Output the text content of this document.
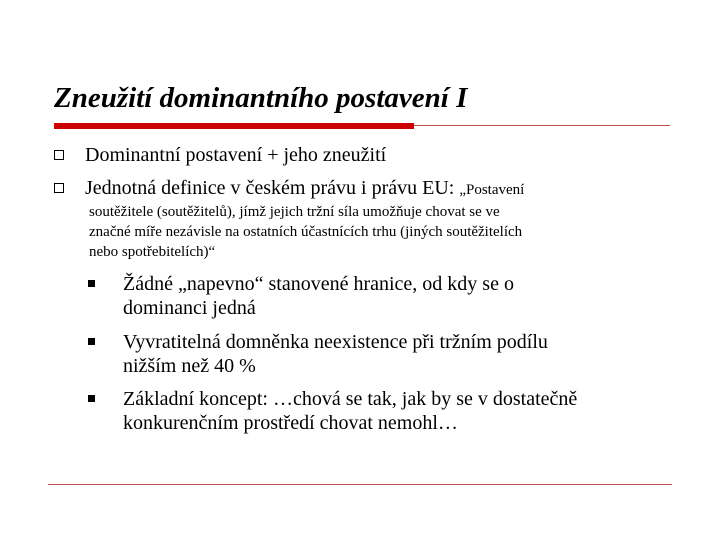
Zneužití dominantního postavení I

Dominantní postavení + jeho zneužití

Jednotná definice v českém právu i právu EU: „Postavení

soutěžitele (soutěžitelů), jímž jejich tržní síla umožňuje chovat se ve
značné míře nezávisle na ostatních účastnících trhu (jiných soutěžitelích
nebo spotřebitelích)“

Žádné „napevno“ stanovené hranice, od kdy se o
dominanci jedná
Vyvratitelná domněnka neexistence při tržním podílu
nižším než 40 %
Základní koncept: …chová se tak, jak by se v dostatečně
konkurenčním prostředí chovat nemohl…
